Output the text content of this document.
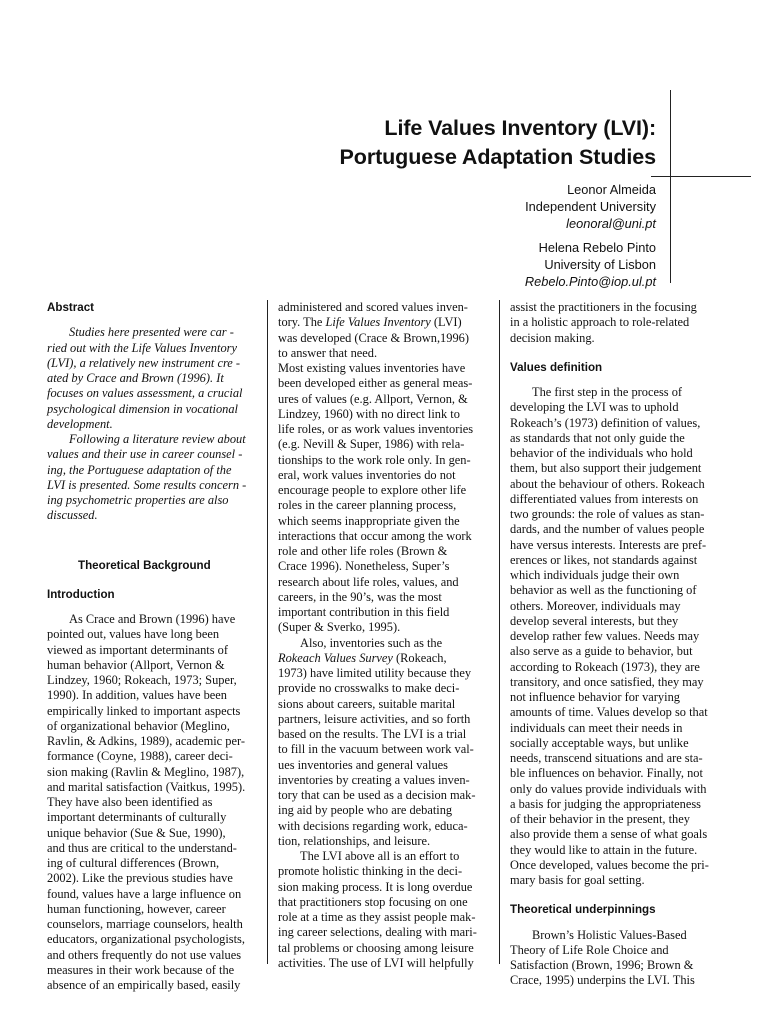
Life Values Inventory (LVI):
Portuguese Adaptation Studies
Leonor Almeida
Independent University
leonoral@uni.pt
Helena Rebelo Pinto
University of Lisbon
Rebelo.Pinto@iop.ul.pt
Abstract
Studies here presented were car -
ried out with the Life Values Inventory
(LVI), a relatively new instrument cre -
ated by Crace and Brown (1996). It
focuses on values assessment, a crucial
psychological dimension in vocational
development.
Following a literature review about
values and their use in career counsel -
ing, the Portuguese adaptation of the
LVI is presented. Some results concern -
ing psychometric properties are also
discussed.
Theoretical Background
Introduction
As Crace and Brown (1996) have
pointed out, values have long been
viewed as important determinants of
human behavior (Allport, Vernon &
Lindzey, 1960; Rokeach, 1973; Super,
1990). In addition, values have been
empirically linked to important aspects
of organizational behavior (Meglino,
Ravlin, & Adkins, 1989), academic per-
formance (Coyne, 1988), career deci-
sion making (Ravlin & Meglino, 1987),
and marital satisfaction (Vaitkus, 1995).
They have also been identified as
important determinants of culturally
unique behavior (Sue & Sue, 1990),
and thus are critical to the understand-
ing of cultural differences (Brown,
2002). Like the previous studies have
found, values have a large influence on
human functioning, however, career
counselors, marriage counselors, health
educators, organizational psychologists,
and others frequently do not use values
measures in their work because of the
absence of an empirically based, easily
administered and scored values inven-
tory. The Life Values Inventory (LVI)
was developed (Crace & Brown,1996)
to answer that need.
Most existing values inventories have
been developed either as general meas-
ures of values (e.g. Allport, Vernon, &
Lindzey, 1960) with no direct link to
life roles, or as work values inventories
(e.g. Nevill & Super, 1986) with rela-
tionships to the work role only. In gen-
eral, work values inventories do not
encourage people to explore other life
roles in the career planning process,
which seems inappropriate given the
interactions that occur among the work
role and other life roles (Brown &
Crace 1996). Nonetheless, Super’s
research about life roles, values, and
careers, in the 90’s, was the most
important contribution in this field
(Super & Sverko, 1995).
Also, inventories such as the
Rokeach Values Survey (Rokeach,
1973) have limited utility because they
provide no crosswalks to make deci-
sions about careers, suitable marital
partners, leisure activities, and so forth
based on the results. The LVI is a trial
to fill in the vacuum between work val-
ues inventories and general values
inventories by creating a values inven-
tory that can be used as a decision mak-
ing aid by people who are debating
with decisions regarding work, educa-
tion, relationships, and leisure.
The LVI above all is an effort to
promote holistic thinking in the deci-
sion making process. It is long overdue
that practitioners stop focusing on one
role at a time as they assist people mak-
ing career selections, dealing with mari-
tal problems or choosing among leisure
activities. The use of LVI will helpfully
assist the practitioners in the focusing
in a holistic approach to role-related
decision making.
Values definition
The first step in the process of
developing the LVI was to uphold
Rokeach’s (1973) definition of values,
as standards that not only guide the
behavior of the individuals who hold
them, but also support their judgement
about the behaviour of others. Rokeach
differentiated values from interests on
two grounds: the role of values as stan-
dards, and the number of values people
have versus interests. Interests are pref-
erences or likes, not standards against
which individuals judge their own
behavior as well as the functioning of
others. Moreover, individuals may
develop several interests, but they
develop rather few values. Needs may
also serve as a guide to behavior, but
according to Rokeach (1973), they are
transitory, and once satisfied, they may
not influence behavior for varying
amounts of time. Values develop so that
individuals can meet their needs in
socially acceptable ways, but unlike
needs, transcend situations and are sta-
ble influences on behavior. Finally, not
only do values provide individuals with
a basis for judging the appropriateness
of their behavior in the present, they
also provide them a sense of what goals
they would like to attain in the future.
Once developed, values become the pri-
mary basis for goal setting.
Theoretical underpinnings
Brown’s Holistic Values-Based
Theory of Life Role Choice and
Satisfaction (Brown, 1996; Brown &
Crace, 1995) underpins the LVI. This
